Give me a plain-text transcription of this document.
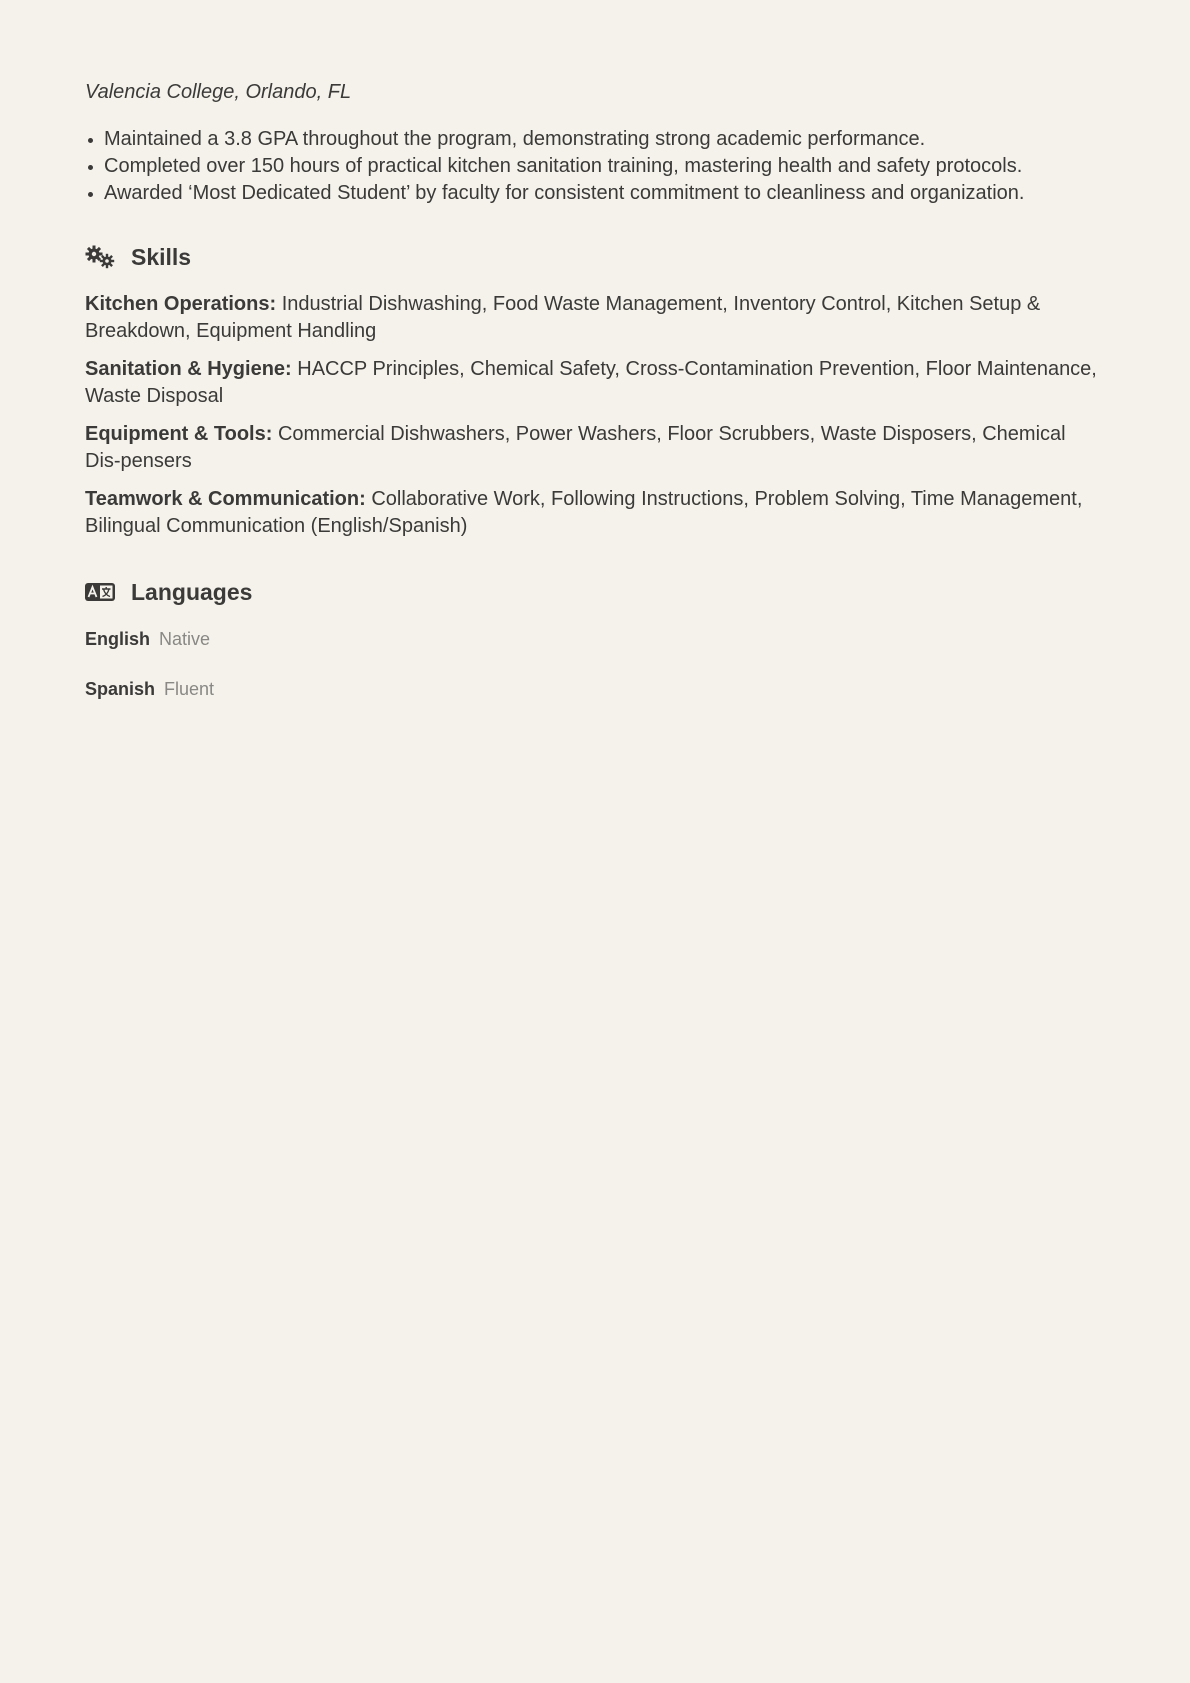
Valencia College, Orlando, FL
Maintained a 3.8 GPA throughout the program, demonstrating strong academic performance.
Completed over 150 hours of practical kitchen sanitation training, mastering health and safety protocols.
Awarded ‘Most Dedicated Student’ by faculty for consistent commitment to cleanliness and organization.
Skills
Kitchen Operations: Industrial Dishwashing, Food Waste Management, Inventory Control, Kitchen Setup & Breakdown, Equipment Handling
Sanitation & Hygiene: HACCP Principles, Chemical Safety, Cross-Contamination Prevention, Floor Maintenance, Waste Disposal
Equipment & Tools: Commercial Dishwashers, Power Washers, Floor Scrubbers, Waste Disposers, Chemical Dis-pensers
Teamwork & Communication: Collaborative Work, Following Instructions, Problem Solving, Time Management, Bilingual Communication (English/Spanish)
Languages
English Native
Spanish Fluent
